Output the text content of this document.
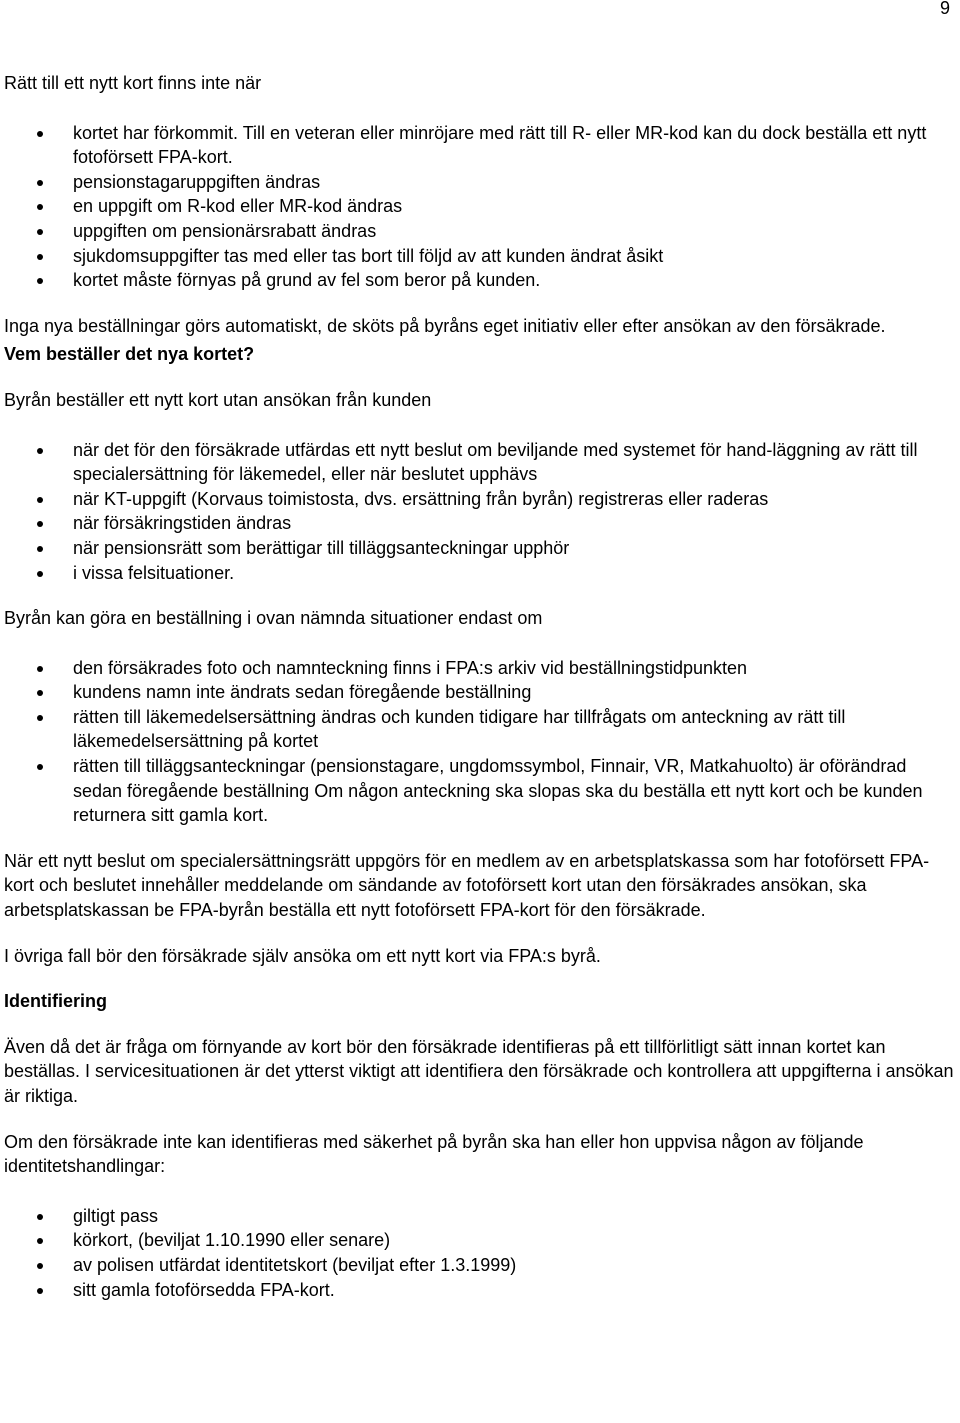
9

Rätt till ett nytt kort finns inte när

kortet har förkommit. Till en veteran eller minröjare med rätt till R- eller MR-kod kan du dock beställa ett nytt fotoförsett FPA-kort.
pensionstagaruppgiften ändras
en uppgift om R-kod eller MR-kod ändras
uppgiften om pensionärsrabatt ändras
sjukdomsuppgifter tas med eller tas bort till följd av att kunden ändrat åsikt
kortet måste förnyas på grund av fel som beror på kunden.

Inga nya beställningar görs automatiskt, de sköts på byråns eget initiativ eller efter ansökan av den försäkrade.

Vem beställer det nya kortet?

Byrån beställer ett nytt kort utan ansökan från kunden

när det för den försäkrade utfärdas ett nytt beslut om beviljande med systemet för hand-läggning av rätt till specialersättning för läkemedel, eller när beslutet upphävs
när KT-uppgift (Korvaus toimistosta, dvs. ersättning från byrån) registreras eller raderas
när försäkringstiden ändras
när pensionsrätt som berättigar till tilläggsanteckningar upphör
i vissa felsituationer.

Byrån kan göra en beställning i ovan nämnda situationer endast om

den försäkrades foto och namnteckning finns i FPA:s arkiv vid beställningstidpunkten
kundens namn inte ändrats sedan föregående beställning
rätten till läkemedelsersättning ändras och kunden tidigare har tillfrågats om anteckning av rätt till läkemedelsersättning på kortet
rätten till tilläggsanteckningar (pensionstagare, ungdomssymbol, Finnair, VR, Matkahuolto) är oförändrad sedan föregående beställning Om någon anteckning ska slopas ska du beställa ett nytt kort och be kunden returnera sitt gamla kort.

När ett nytt beslut om specialersättningsrätt uppgörs för en medlem av en arbetsplatskassa som har fotoförsett FPA-kort och beslutet innehåller meddelande om sändande av fotoförsett kort utan den försäkrades ansökan, ska arbetsplatskassan be FPA-byrån beställa ett nytt fotoförsett FPA-kort för den försäkrade.

I övriga fall bör den försäkrade själv ansöka om ett nytt kort via FPA:s byrå.

Identifiering

Även då det är fråga om förnyande av kort bör den försäkrade identifieras på ett tillförlitligt sätt innan kortet kan beställas. I servicesituationen är det ytterst viktigt att identifiera den försäkrade och kontrollera att uppgifterna i ansökan är riktiga.

Om den försäkrade inte kan identifieras med säkerhet på byrån ska han eller hon uppvisa någon av följande identitetshandlingar:

giltigt pass
körkort, (beviljat 1.10.1990 eller senare)
av polisen utfärdat identitetskort (beviljat efter 1.3.1999)
sitt gamla fotoförsedda FPA-kort.
